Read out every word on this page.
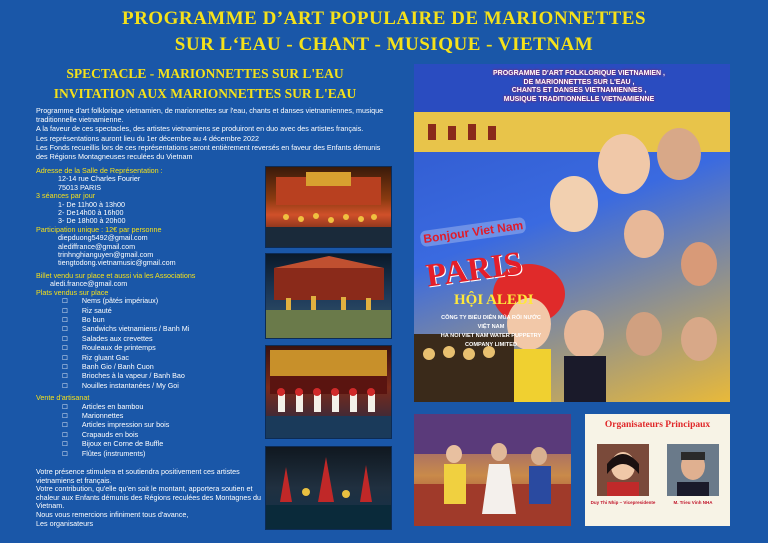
PROGRAMME D’ART POPULAIRE DE MARIONNETTES
SUR L‘EAU - CHANT - MUSIQUE - VIETNAM
SPECTACLE - MARIONNETTES SUR L'EAU
INVITATION AUX MARIONNETTES SUR L'EAU

Programme d'art folklorique vietnamien, de marionnettes sur l'eau, chants et danses vietnamiennes, musique traditionnelle vietnamienne.

A la faveur de ces spectacles, des artistes vietnamiens se produiront en duo avec des artistes français.

Les représentations auront lieu du 1er décembre au 4 décembre 2022

Les Fonds recueillis lors de ces représentations seront entièrement reversés en faveur des Enfants démunis des Régions Montagneuses reculées du Vietnam

Adresse de la Salle de Représentation :
12-14 rue Charles Fourier
75013 PARIS
3 séances par jour
1- De 11h00 à 13h00
2- De14h00 à 16h00
3- De 18h00 à 20h00
Participation unique : 12€ par personne
diepduong5492@gmail.com
alediffrance@gmail.com
trinhnghianguyen@gmail.com
tiengtodong.vietnamusic@gmail.com
Billet vendu sur place et aussi via les Associations
aledi.france@gmail.com
Plats vendus sur place
☐ Nems (pâtés impériaux)
☐ Riz sauté
☐ Bo bun
☐ Sandwichs vietnamiens / Banh Mi
☐ Salades aux crevettes
☐ Rouleaux de printemps
☐ Riz gluant Gac
☐ Banh Gio / Banh Cuon
☐ Brioches à la vapeur / Banh Bao
☐ Nouilles instantanées / My Goi
Vente d'artisanat
☐ Articles en bambou
☐ Marionnettes
☐ Articles impression sur bois
☐ Crapauds en bois
☐ Bijoux en Corne de Buffle
☐ Flûtes (instruments)

Votre présence stimulera et soutiendra positivement ces artistes vietnamiens et français.

Votre contribution, qu'elle qu'en soit le montant, apportera soutien et chaleur aux Enfants démunis des Régions reculées des Montagnes du Vietnam.

Nous vous remercions infiniment tous d'avance,

Les organisateurs

PROGRAMME D'ART FOLKLORIQUE VIETNAMIEN ,
DE MARIONNETTES SUR L'EAU ,
CHANTS ET DANSES VIETNAMIENNES ,
MUSIQUE TRADITIONNELLE VIETNAMIENNE
Bonjour Viet Nam
PARIS
HỘI ALEDI
CÔNG TY BIỂU DIỄN MÚA RỐI NƯỚC VIỆT NAM
HA NOI VIET NAM WATER PUPPETRY
COMPANY LIMITED
Organisateurs Principaux
Duy Thi Nhip – Vicepresidente	M. Trieu Vinh NHA
